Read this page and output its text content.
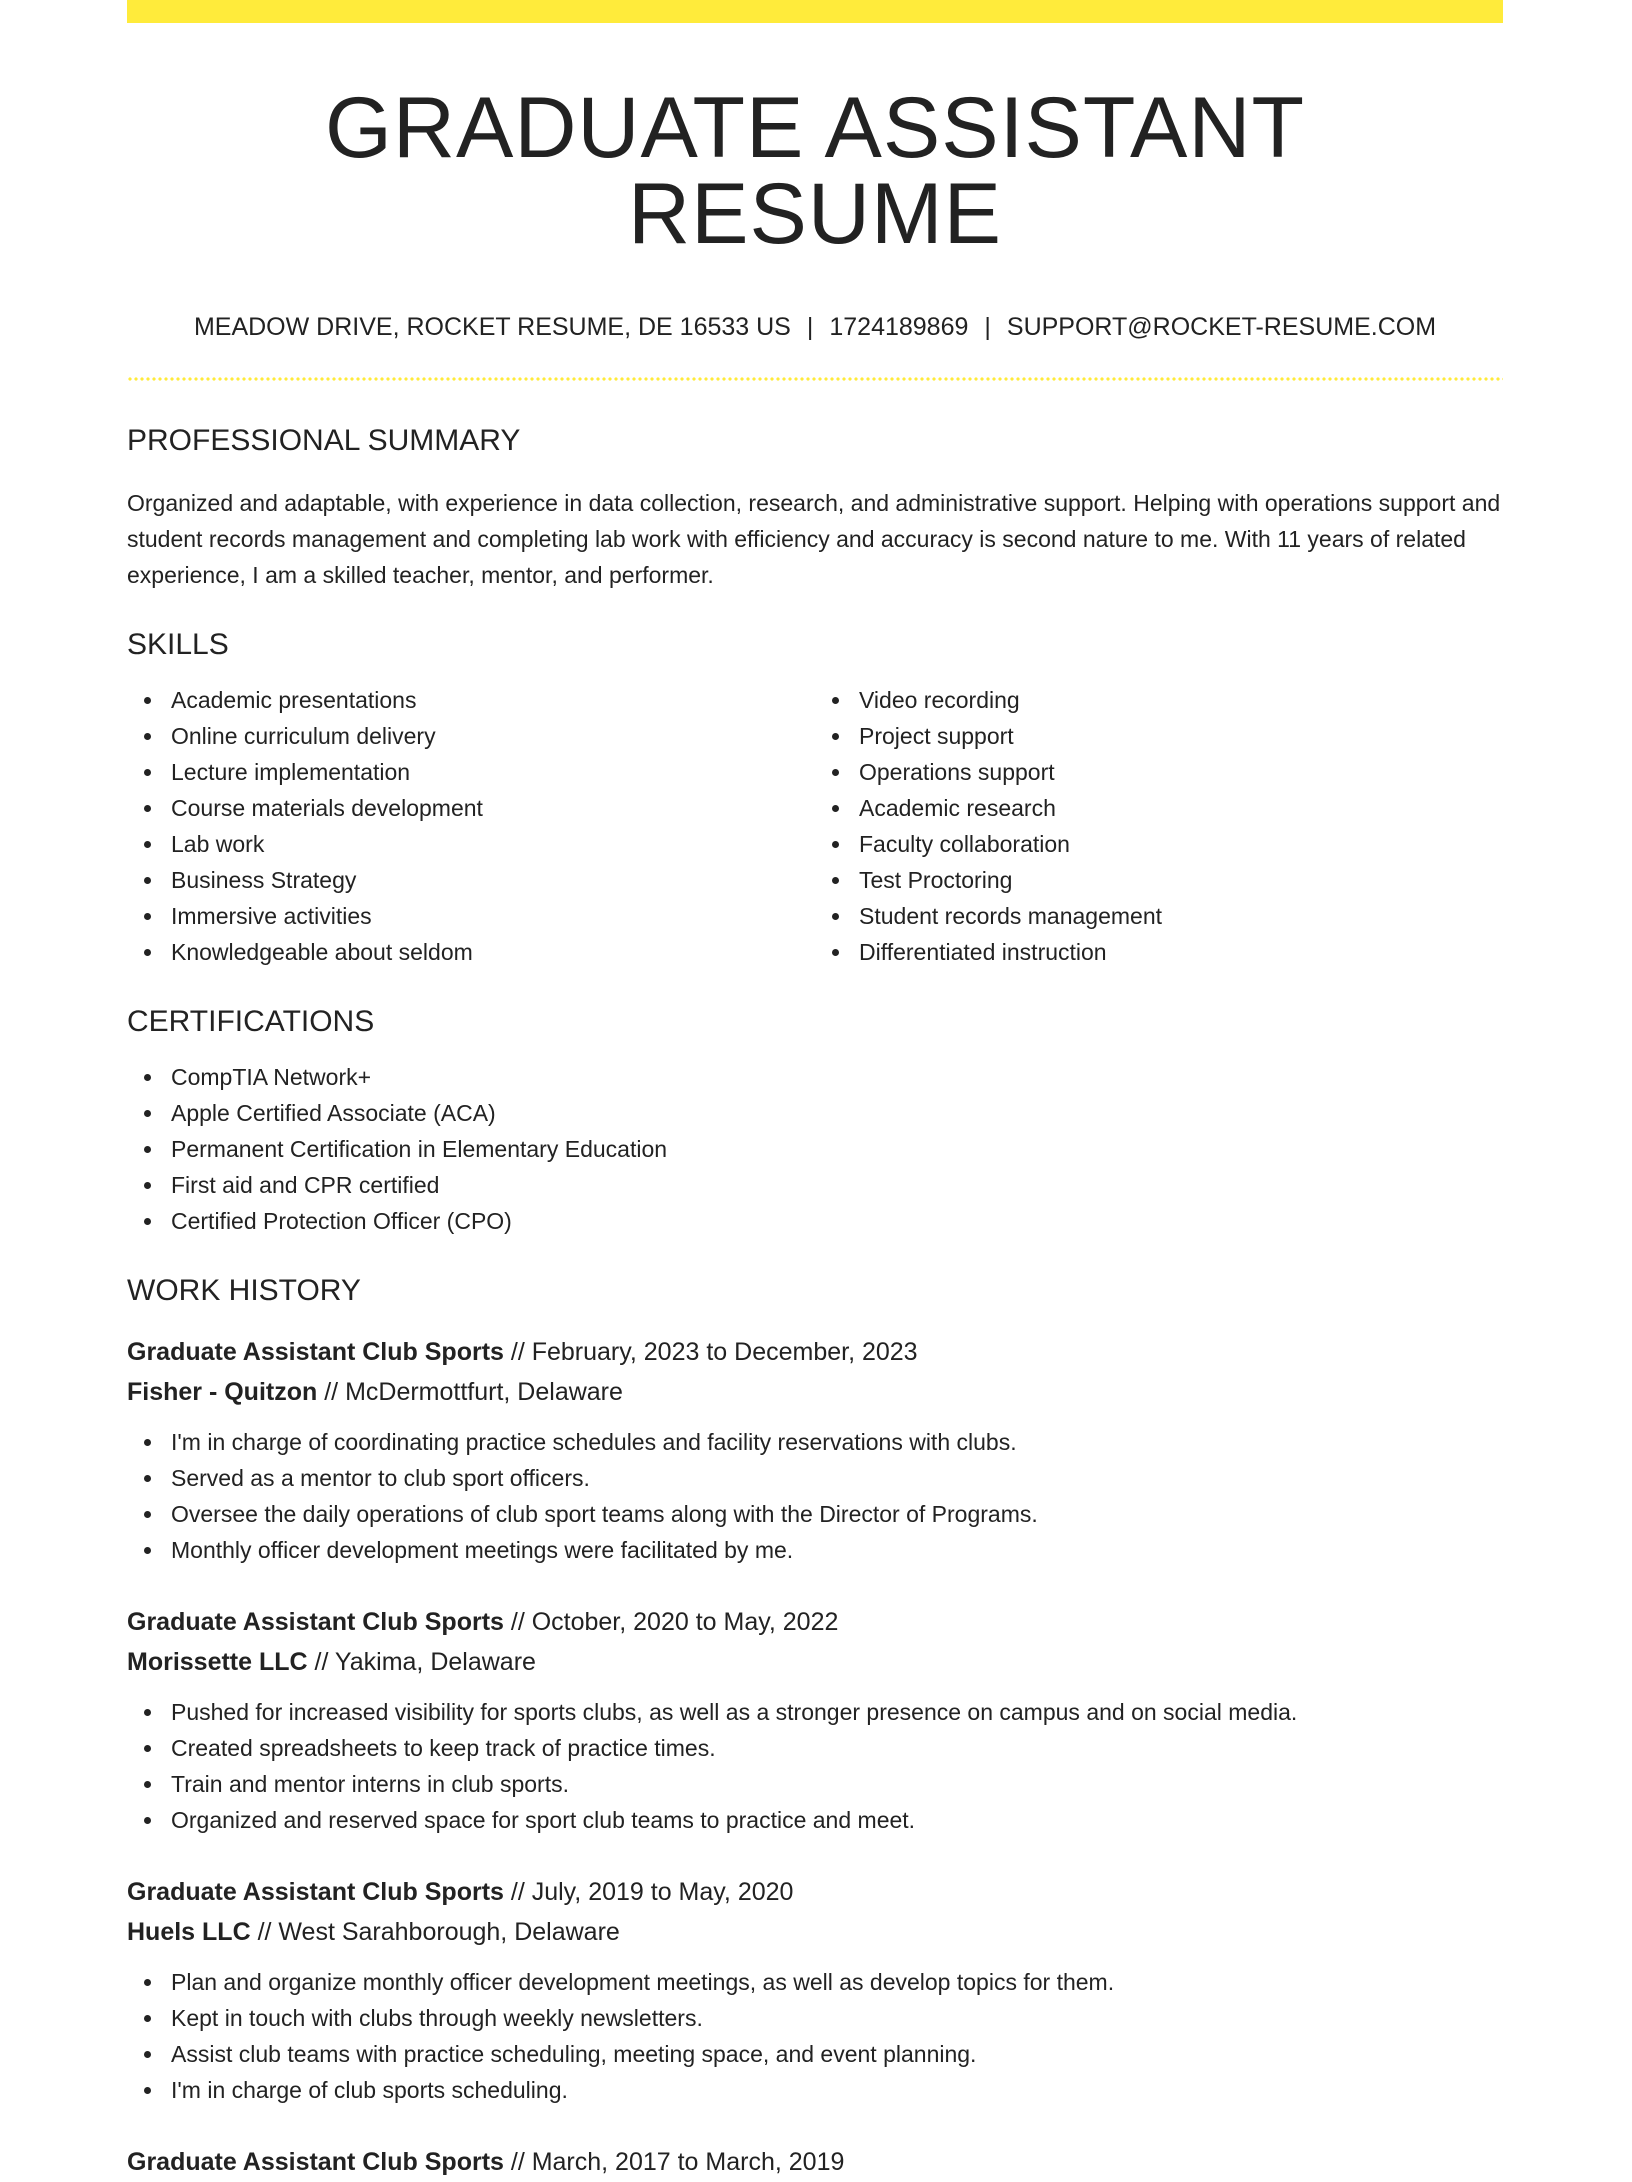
GRADUATE ASSISTANT RESUME
MEADOW DRIVE, ROCKET RESUME, DE 16533 US | 1724189869 | SUPPORT@ROCKET-RESUME.COM
PROFESSIONAL SUMMARY

Organized and adaptable, with experience in data collection, research, and administrative support. Helping with operations support and student records management and completing lab work with efficiency and accuracy is second nature to me. With 11 years of related experience, I am a skilled teacher, mentor, and performer.

SKILLS
Academic presentations
Online curriculum delivery
Lecture implementation
Course materials development
Lab work
Business Strategy
Immersive activities
Knowledgeable about seldom
Video recording
Project support
Operations support
Academic research
Faculty collaboration
Test Proctoring
Student records management
Differentiated instruction
CERTIFICATIONS
CompTIA Network+
Apple Certified Associate (ACA)
Permanent Certification in Elementary Education
First aid and CPR certified
Certified Protection Officer (CPO)
WORK HISTORY
Graduate Assistant Club Sports // February, 2023 to December, 2023
Fisher - Quitzon // McDermottfurt, Delaware
I'm in charge of coordinating practice schedules and facility reservations with clubs.
Served as a mentor to club sport officers.
Oversee the daily operations of club sport teams along with the Director of Programs.
Monthly officer development meetings were facilitated by me.
Graduate Assistant Club Sports // October, 2020 to May, 2022
Morissette LLC // Yakima, Delaware
Pushed for increased visibility for sports clubs, as well as a stronger presence on campus and on social media.
Created spreadsheets to keep track of practice times.
Train and mentor interns in club sports.
Organized and reserved space for sport club teams to practice and meet.
Graduate Assistant Club Sports // July, 2019 to May, 2020
Huels LLC // West Sarahborough, Delaware
Plan and organize monthly officer development meetings, as well as develop topics for them.
Kept in touch with clubs through weekly newsletters.
Assist club teams with practice scheduling, meeting space, and event planning.
I'm in charge of club sports scheduling.
Graduate Assistant Club Sports // March, 2017 to March, 2019
